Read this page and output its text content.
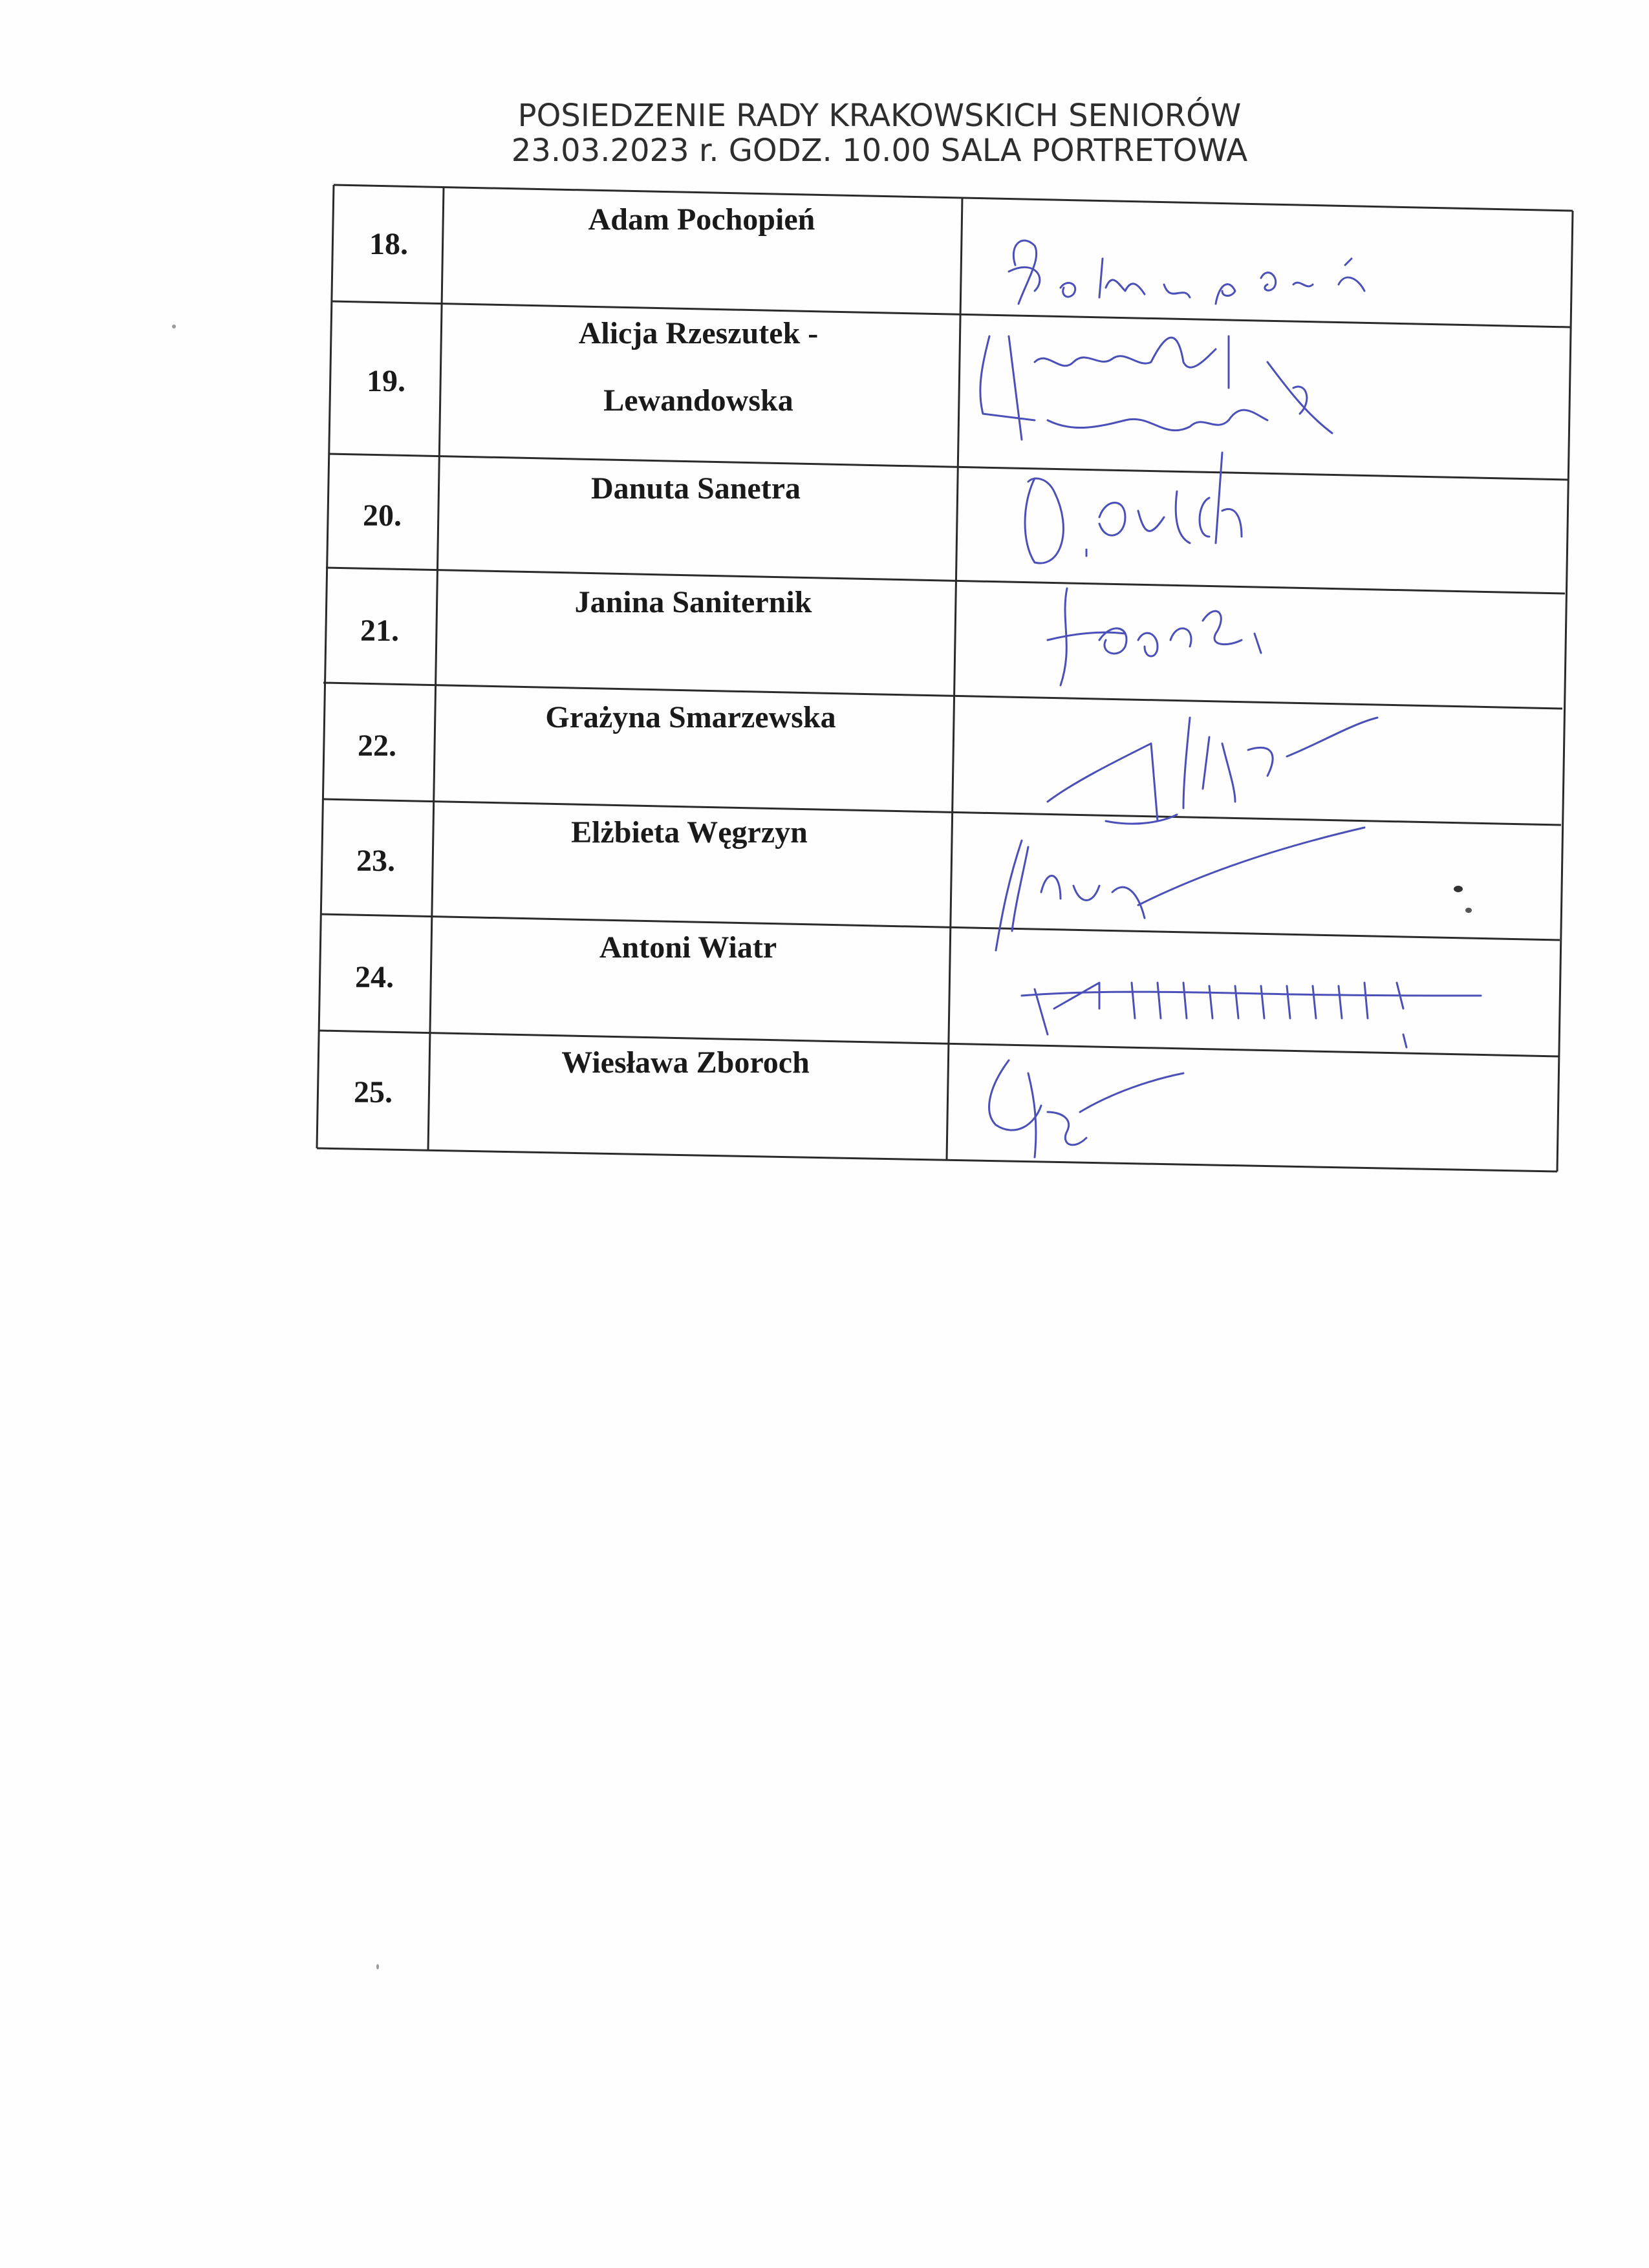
POSIEDZENIE RADY KRAKOWSKICH SENIORÓW
23.03.2023 r. GODZ. 10.00 SALA PORTRETOWA
18.
Adam Pochopień
19.
Alicja Rzeszutek -
Lewandowska
20.
Danuta Sanetra
21.
Janina Saniternik
22.
Grażyna Smarzewska
23.
Elżbieta Węgrzyn
24.
Antoni Wiatr
25.
Wiesława Zboroch
